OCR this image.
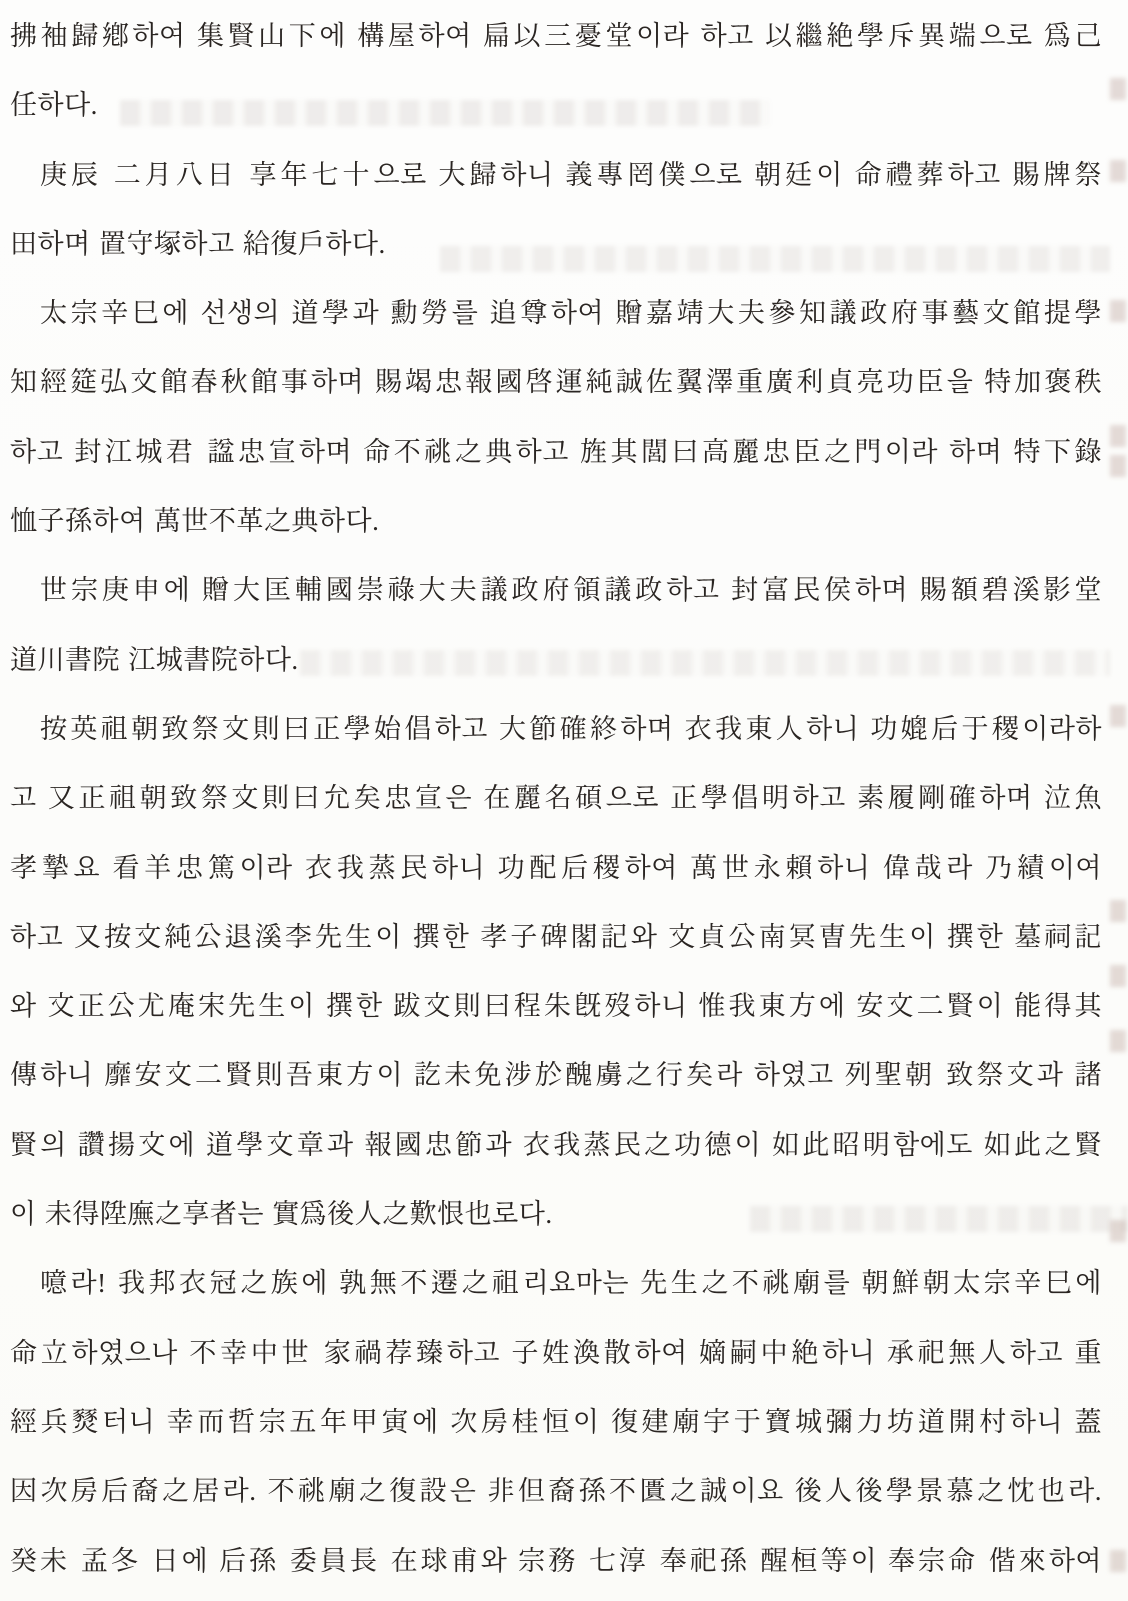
拂袖歸鄕하여 集賢山下에 構屋하여 扁以三憂堂이라 하고 以繼絶學斥異端으로 爲己
任하다.
庚辰 二月八日 享年七十으로 大歸하니 義專罔僕으로 朝廷이 命禮葬하고 賜牌祭
田하며 置守塚하고 給復戶하다.
太宗辛巳에 선생의 道學과 勳勞를 追尊하여 贈嘉靖大夫參知議政府事藝文館提學
知經筵弘文館春秋館事하며 賜竭忠報國啓運純誠佐翼澤重廣利貞亮功臣을 特加褒秩
하고 封江城君 諡忠宣하며 命不祧之典하고 旌其閭曰高麗忠臣之門이라 하며 特下錄
恤子孫하여 萬世不革之典하다.
世宗庚申에 贈大匡輔國崇祿大夫議政府領議政하고 封富民侯하며 賜額碧溪影堂
道川書院 江城書院하다.
按英祖朝致祭文則曰正學始倡하고 大節確終하며 衣我東人하니 功媲后于稷이라하
고 又正祖朝致祭文則曰允矣忠宣은 在麗名碩으로 正學倡明하고 素履剛確하며 泣魚
孝摯요 看羊忠篤이라 衣我蒸民하니 功配后稷하여 萬世永賴하니 偉哉라 乃績이여
하고 又按文純公退溪李先生이 撰한 孝子碑閣記와 文貞公南冥曺先生이 撰한 墓祠記
와 文正公尤庵宋先生이 撰한 跋文則曰程朱旣歿하니 惟我東方에 安文二賢이 能得其
傳하니 靡安文二賢則吾東方이 訖未免涉於醜虜之行矣라 하였고 列聖朝 致祭文과 諸
賢의 讚揚文에 道學文章과 報國忠節과 衣我蒸民之功德이 如此昭明함에도 如此之賢
이 未得陞廡之享者는 實爲後人之歎恨也로다.
噫라! 我邦衣冠之族에 孰無不遷之祖리요마는 先生之不祧廟를 朝鮮朝太宗辛巳에
命立하였으나 不幸中世 家禍荐臻하고 子姓渙散하여 嫡嗣中絶하니 承祀無人하고 重
經兵燹터니 幸而哲宗五年甲寅에 次房桂恒이 復建廟宇于寶城彌力坊道開村하니 蓋
因次房后裔之居라. 不祧廟之復設은 非但裔孫不匱之誠이요 後人後學景慕之忱也라.
癸未 孟冬 日에 后孫 委員長 在球甫와 宗務 七淳 奉祀孫 醒桓等이 奉宗命 偕來하여
